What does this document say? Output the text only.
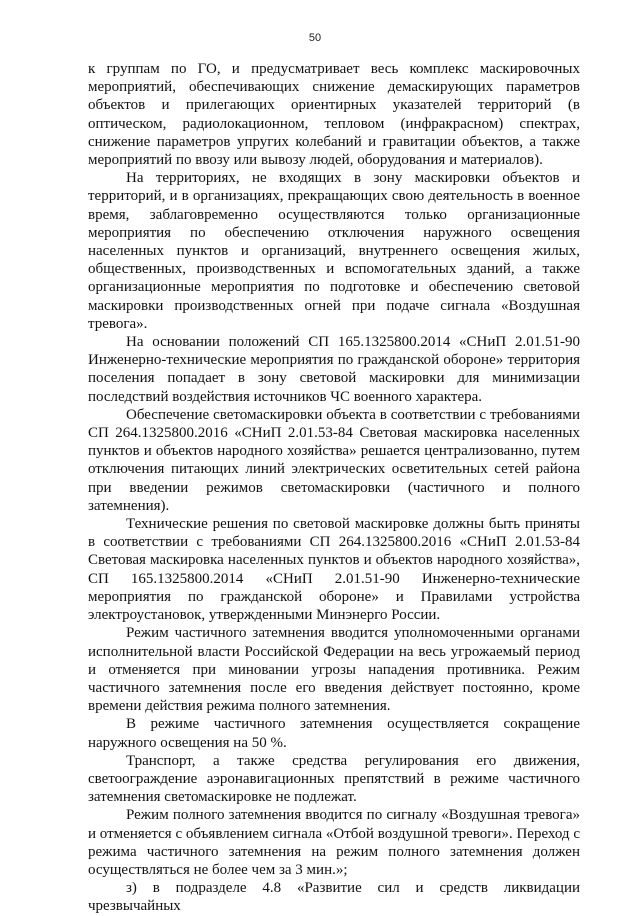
50

к группам по ГО, и предусматривает весь комплекс маскировочных мероприятий, обеспечивающих снижение демаскирующих параметров объектов и прилегающих ориентирных указателей территорий (в оптическом, радиолокационном, тепловом (инфракрасном) спектрах, снижение параметров упругих колебаний и гравитации объектов, а также мероприятий по ввозу или вывозу людей, оборудования и материалов).

На территориях, не входящих в зону маскировки объектов и территорий, и в организациях, прекращающих свою деятельность в военное время, заблаговременно осуществляются только организационные мероприятия по обеспечению отключения наружного освещения населенных пунктов и организаций, внутреннего освещения жилых, общественных, производственных и вспомогательных зданий, а также организационные мероприятия по подготовке и обеспечению световой маскировки производственных огней при подаче сигнала «Воздушная тревога».

На основании положений СП 165.1325800.2014 «СНиП 2.01.51-90 Инженерно-технические мероприятия по гражданской обороне» территория поселения попадает в зону световой маскировки для минимизации последствий воздействия источников ЧС военного характера.

Обеспечение светомаскировки объекта в соответствии с требованиями СП 264.1325800.2016 «СНиП 2.01.53-84 Световая маскировка населенных пунктов и объектов народного хозяйства» решается централизованно, путем отключения питающих линий электрических осветительных сетей района при введении режимов светомаскировки (частичного и полного затемнения).

Технические решения по световой маскировке должны быть приняты в соответствии с требованиями СП 264.1325800.2016 «СНиП 2.01.53-84 Световая маскировка населенных пунктов и объектов народного хозяйства», СП 165.1325800.2014 «СНиП 2.01.51-90 Инженерно-технические мероприятия по гражданской обороне» и Правилами устройства электроустановок, утвержденными Минэнерго России.

Режим частичного затемнения вводится уполномоченными органами исполнительной власти Российской Федерации на весь угрожаемый период и отменяется при миновании угрозы нападения противника. Режим частичного затемнения после его введения действует постоянно, кроме времени действия режима полного затемнения.

В режиме частичного затемнения осуществляется сокращение наружного освещения на 50 %.

Транспорт, а также средства регулирования его движения, светоограждение аэронавигационных препятствий в режиме частичного затемнения светомаскировке не подлежат.

Режим полного затемнения вводится по сигналу «Воздушная тревога» и отменяется с объявлением сигнала «Отбой воздушной тревоги». Переход с режима частичного затемнения на режим полного затемнения должен осуществляться не более чем за 3 мин.»;

з) в подразделе 4.8 «Развитие сил и средств ликвидации чрезвычайных
